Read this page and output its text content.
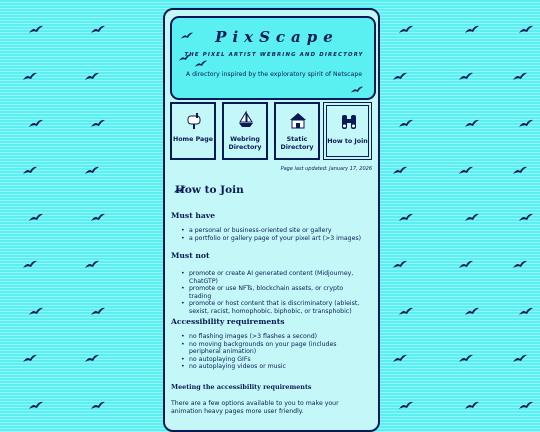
PixScape
THE PIXEL ARTIST WEBRING AND DIRECTORY
A directory inspired by the exploratory spirit of Netscape
Home Page	Webring Directory
Static Directory
How to Join
Page last updated: January 17, 2026
How to Join
Must have
• a personal or business-oriented site or gallery
• a portfolio or gallery page of your pixel art (>3 images)
Must not
• promote or create AI generated content (Midjourney, ChatGTP)
• promote or use NFTs, blockchain assets, or crypto trading
• promote or host content that is discriminatory (ableist, sexist, racist, homophobic, biphobic, or transphobic)
Accessibility requirements
• no flashing images (>3 flashes a second)
• no moving backgrounds on your page (includes peripheral animation)
• no autoplaying GIFs
• no autoplaying videos or music
Meeting the accessibility requirements
There are a few options available to you to make your animation heavy pages more user friendly.
